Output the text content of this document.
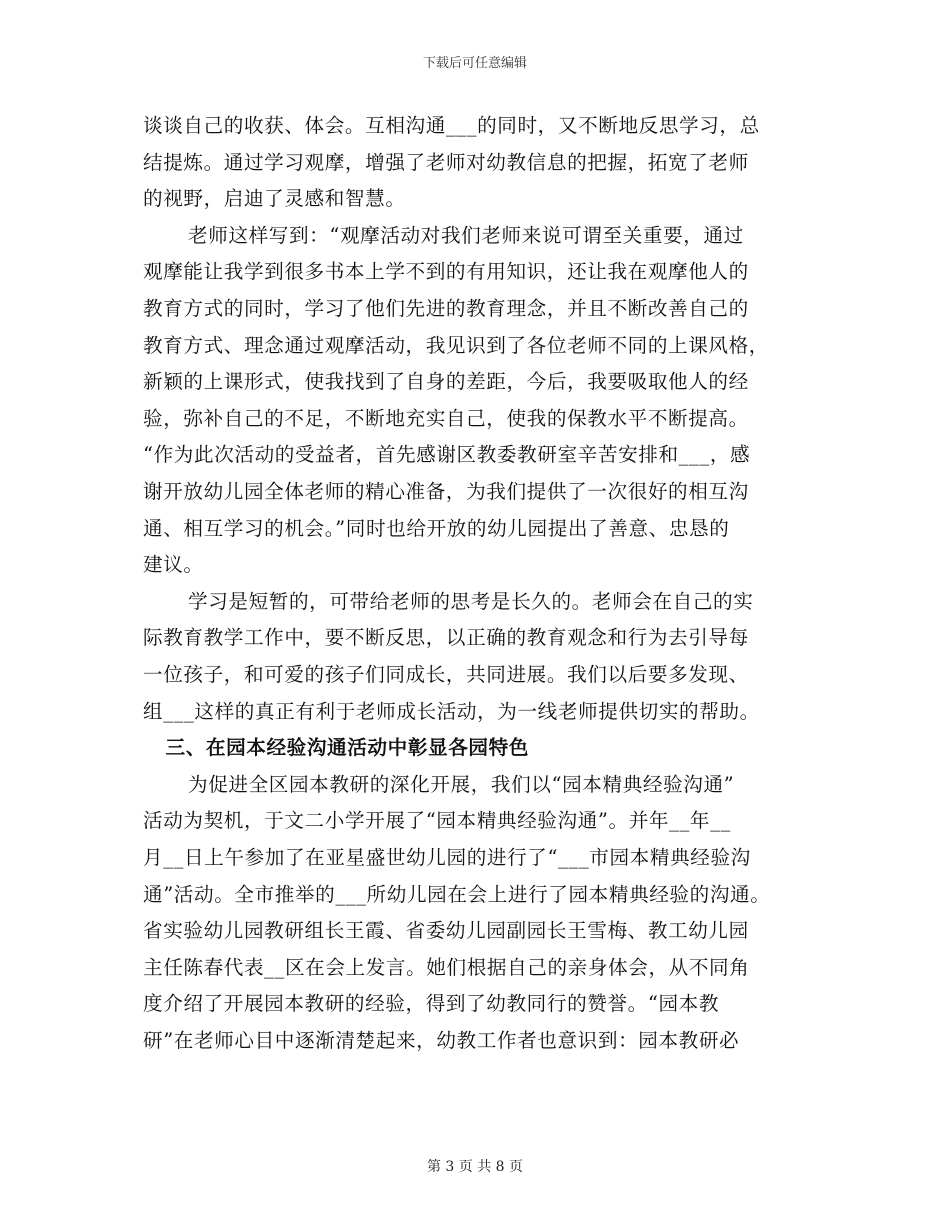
下载后可任意编辑
谈谈自己的收获、体会。互相沟通___的同时，又不断地反思学习，总
结提炼。通过学习观摩，增强了老师对幼教信息的把握，拓宽了老师
的视野，启迪了灵感和智慧。
老师这样写到：“观摩活动对我们老师来说可谓至关重要，通过
观摩能让我学到很多书本上学不到的有用知识，还让我在观摩他人的
教育方式的同时，学习了他们先进的教育理念，并且不断改善自己的
教育方式、理念通过观摩活动，我见识到了各位老师不同的上课风格，
新颖的上课形式，使我找到了自身的差距，今后，我要吸取他人的经
验，弥补自己的不足，不断地充实自己，使我的保教水平不断提高。
“作为此次活动的受益者，首先感谢区教委教研室辛苦安排和___，感
谢开放幼儿园全体老师的精心准备，为我们提供了一次很好的相互沟
通、相互学习的机会。”同时也给开放的幼儿园提出了善意、忠恳的
建议。
学习是短暂的，可带给老师的思考是长久的。老师会在自己的实
际教育教学工作中，要不断反思，以正确的教育观念和行为去引导每
一位孩子，和可爱的孩子们同成长，共同进展。我们以后要多发现、
组___这样的真正有利于老师成长活动，为一线老师提供切实的帮助。
三、在园本经验沟通活动中彰显各园特色
为促进全区园本教研的深化开展，我们以“园本精典经验沟通”
活动为契机，于文二小学开展了“园本精典经验沟通”。并年__年__
月__日上午参加了在亚星盛世幼儿园的进行了“___市园本精典经验沟
通”活动。全市推举的___所幼儿园在会上进行了园本精典经验的沟通。
省实验幼儿园教研组长王霞、省委幼儿园副园长王雪梅、教工幼儿园
主任陈春代表__区在会上发言。她们根据自己的亲身体会，从不同角
度介绍了开展园本教研的经验，得到了幼教同行的赞誉。“园本教
研”在老师心目中逐渐清楚起来，幼教工作者也意识到：园本教研必
第 3 页 共 8 页
